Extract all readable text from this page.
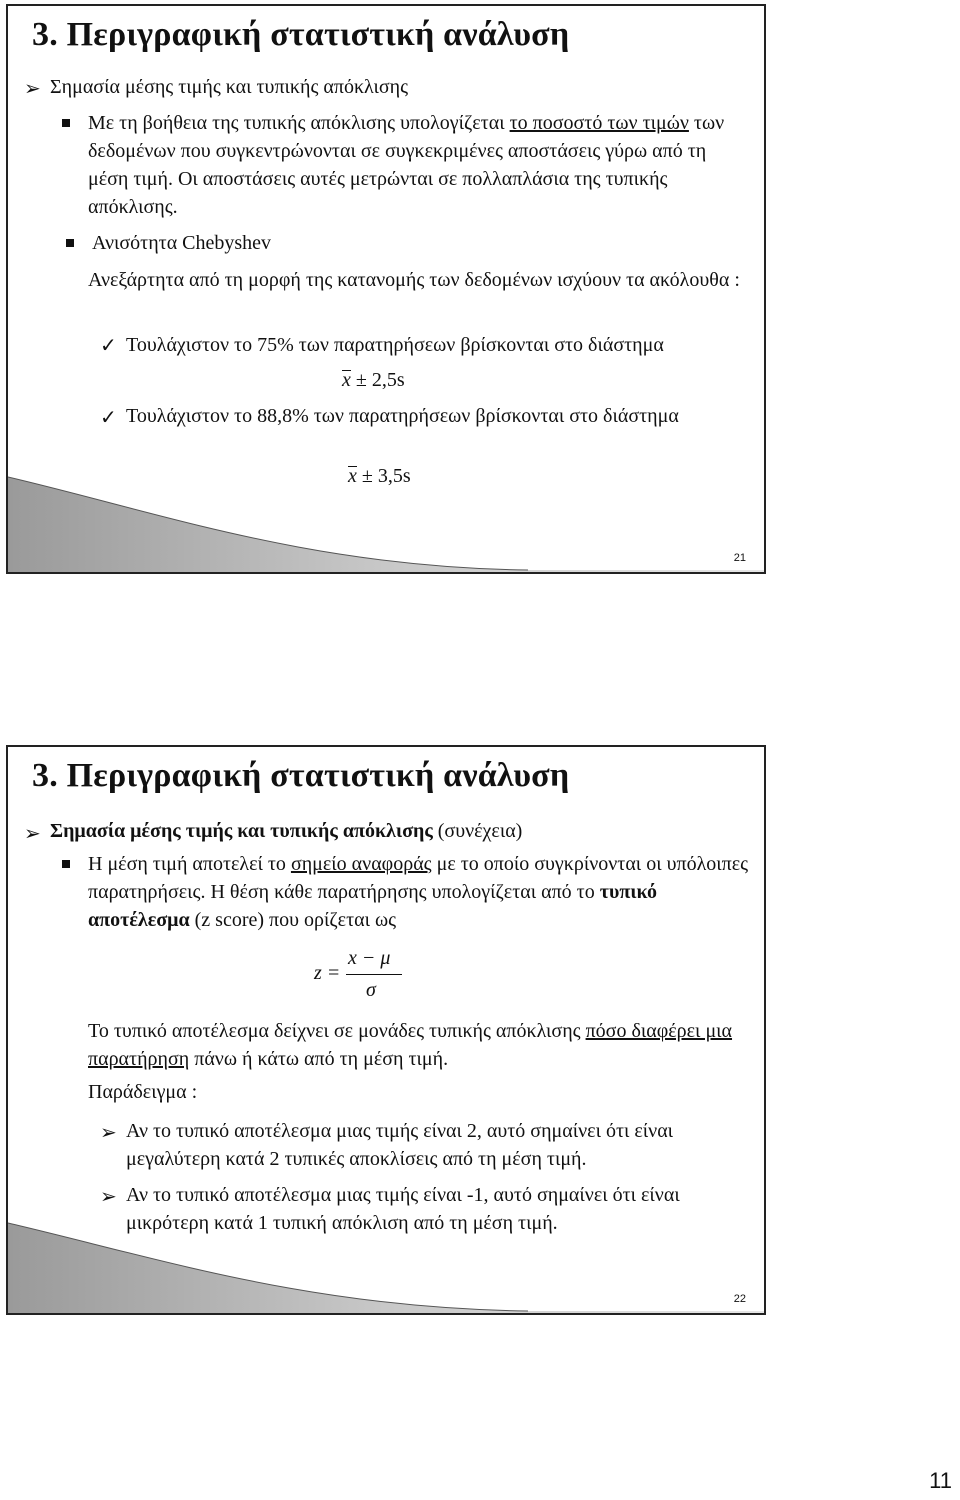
3. Περιγραφική στατιστική ανάλυση
➢ Σημασία μέσης τιμής και τυπικής απόκλισης

Με τη βοήθεια της τυπικής απόκλισης υπολογίζεται το ποσοστό των τιμών των δεδομένων που συγκεντρώνονται σε συγκεκριμένες αποστάσεις γύρω από τη μέση τιμή. Οι αποστάσεις αυτές μετρώνται σε πολλαπλάσια της τυπικής απόκλισης.

Ανισότητα Chebyshev

Ανεξάρτητα από τη μορφή της κατανομής των δεδομένων ισχύουν τα ακόλουθα :

✓ Τουλάχιστον το 75% των παρατηρήσεων βρίσκονται στο διάστημα

x ± 2,5s
✓ Τουλάχιστον το 88,8% των παρατηρήσεων βρίσκονται στο διάστημα

x ± 3,5s
21
3. Περιγραφική στατιστική ανάλυση
➢ Σημασία μέσης τιμής και τυπικής απόκλισης (συνέχεια)

Η μέση τιμή αποτελεί το σημείο αναφοράς με το οποίο συγκρίνονται οι υπόλοιπες παρατηρήσεις. Η θέση κάθε παρατήρησης υπολογίζεται από το τυπικό αποτέλεσμα (z score) που ορίζεται ως

z =
x − μ
σ

Το τυπικό αποτέλεσμα δείχνει σε μονάδες τυπικής απόκλισης πόσο διαφέρει μια παρατήρηση πάνω ή κάτω από τη μέση τιμή.

Παράδειγμα :

➢ Αν το τυπικό αποτέλεσμα μιας τιμής είναι 2, αυτό σημαίνει ότι είναι μεγαλύτερη κατά 2 τυπικές αποκλίσεις από τη μέση τιμή.

➢ Αν το τυπικό αποτέλεσμα μιας τιμής είναι -1, αυτό σημαίνει ότι είναι μικρότερη κατά 1 τυπική απόκλιση από τη μέση τιμή.

22
11
